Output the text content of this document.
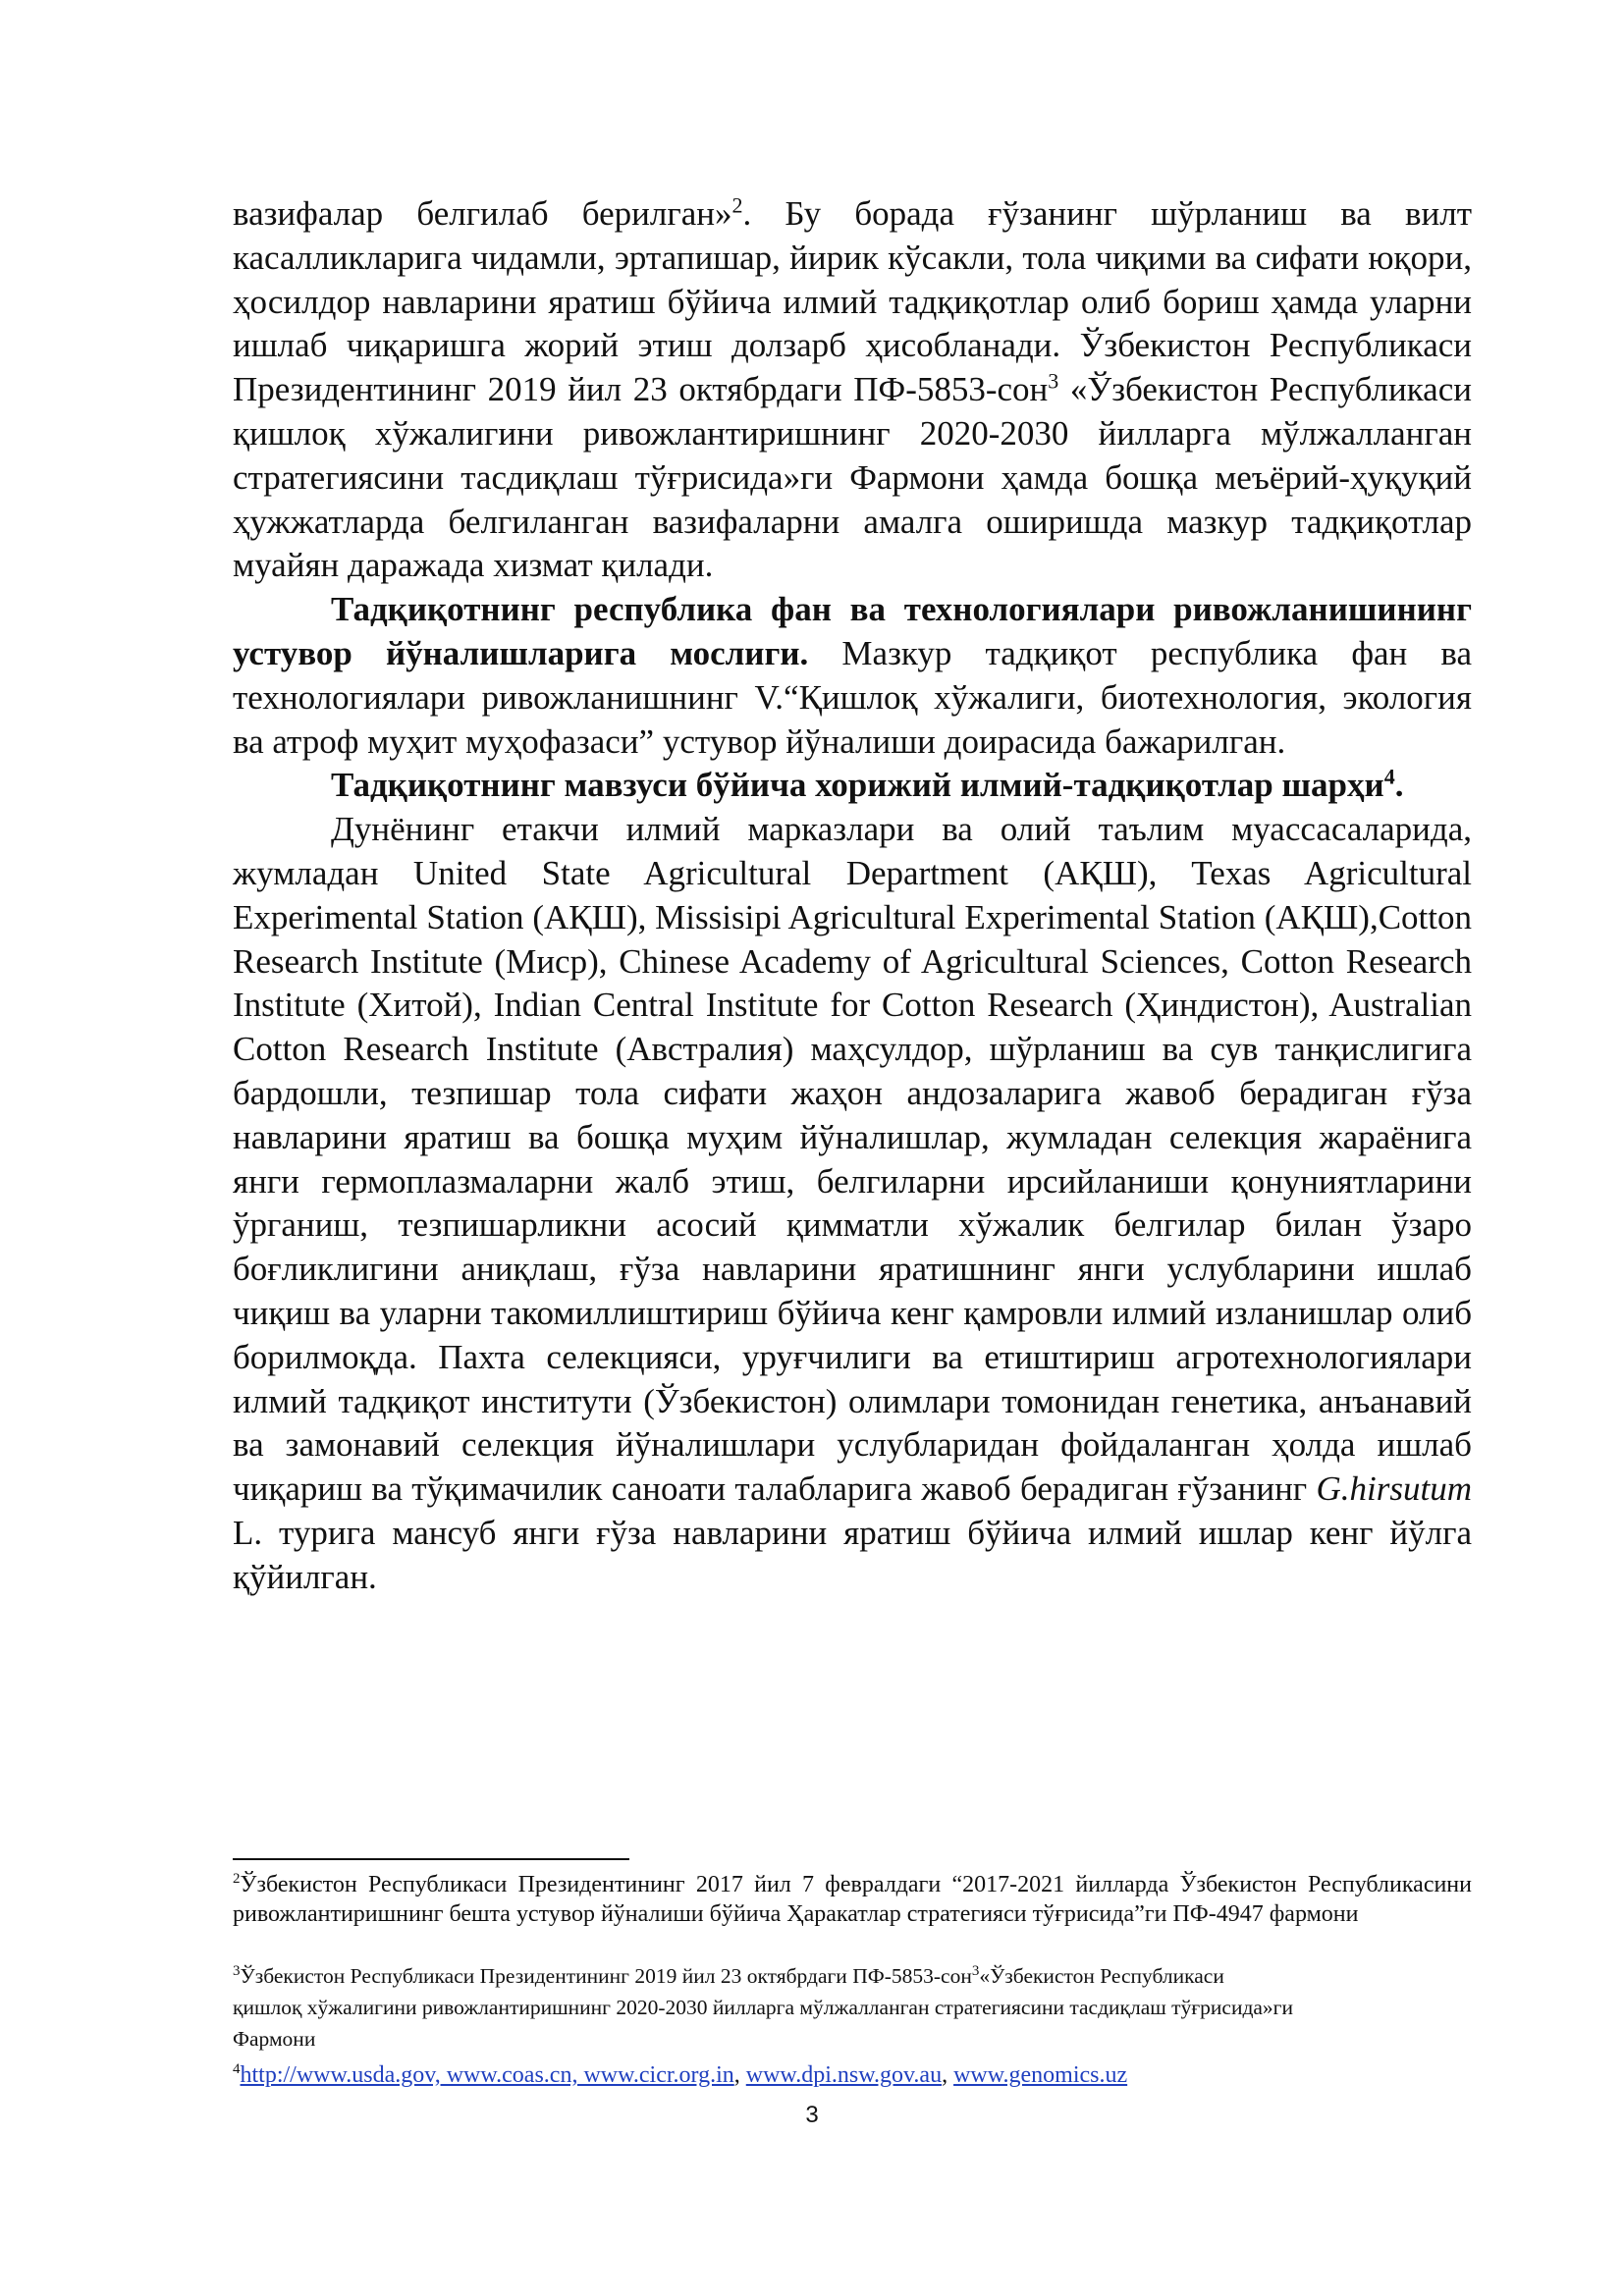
вазифалар белгилаб берилган»$^2$. Бу борада ғўзанинг шўрланиш ва вилт касалликларига чидамли, эртапишар, йирик кўсакли, тола чиқими ва сифати юқори, ҳосилдор навларини яратиш бўйича илмий тадқиқотлар олиб бориш ҳамда уларни ишлаб чиқаришга жорий этиш долзарб ҳисобланади. Ўзбекистон Республикаси Президентининг 2019 йил 23 октябрдаги ПФ-5853-сон$^3$ «Ўзбекистон Республикаси қишлоқ хўжалигини ривожлантиришнинг 2020-2030 йилларга мўлжалланган стратегиясини тасдиқлаш тўғрисида»ги Фармони ҳамда бошқа меъёрий-ҳуқуқий ҳужжатларда белгиланган вазифаларни амалга оширишда мазкур тадқиқотлар муайян даражада хизмат қилади.

Тадқиқотнинг республика фан ва технологиялари ривожланишининг устувор йўналишларига мослиги. Мазкур тадқиқот республика фан ва технологиялари ривожланишнинг V.“Қишлоқ хўжалиги, биотехнология, экология ва атроф муҳит муҳофазаси” устувор йўналиши доирасида бажарилган.

Тадқиқотнинг мавзуси бўйича хорижий илмий-тадқиқотлар шарҳи$^4$.

Дунёнинг етакчи илмий марказлари ва олий таълим муассасаларида, жумладан United State Agricultural Department (АҚШ), Texas Agricultural Experimental Station (АҚШ), Missisipi Agricultural Experimental Station (АҚШ),Cotton Research Institute (Миср), Chinese Academy of Agricultural Sciences, Cotton Research Institute (Хитой), Indian Central Institute for Cotton Research (Ҳиндистон), Australian Cotton Research Institute (Австралия) маҳсулдор, шўрланиш ва сув танқислигига бардошли, тезпишар тола сифати жаҳон андозаларига жавоб берадиган ғўза навларини яратиш ва бошқа муҳим йўналишлар, жумладан селекция жараёнига янги гермоплазмаларни жалб этиш, белгиларни ирсийланиши қонуниятларини ўрганиш, тезпишарликни асосий қимматли хўжалик белгилар билан ўзаро боғликлигини аниқлаш, ғўза навларини яратишнинг янги услубларини ишлаб чиқиш ва уларни такомиллиштириш бўйича кенг қамровли илмий изланишлар олиб борилмоқда. Пахта селекцияси, уруғчилиги ва етиштириш агротехнологиялари илмий тадқиқот институти (Ўзбекистон) олимлари томонидан генетика, анъанавий ва замонавий селекция йўналишлари услубларидан фойдаланган ҳолда ишлаб чиқариш ва тўқимачилик саноати талабларига жавоб берадиган ғўзанинг G.hirsutum L. турига мансуб янги ғўза навларини яратиш бўйича илмий ишлар кенг йўлга қўйилган.

$^2$Ўзбекистон Республикаси Президентининг 2017 йил 7 февралдаги “2017-2021 йилларда Ўзбекистон Республикасини ривожлантиришнинг бешта устувор йўналиши бўйича Ҳаракатлар стратегияси тўғрисида”ги ПФ-4947 фармони
$^3$Ўзбекистон Республикаси Президентининг 2019 йил 23 октябрдаги ПФ-5853-сон$^3$«Ўзбекистон Республикаси
қишлоқ хўжалигини ривожлантиришнинг 2020-2030 йилларга мўлжалланган стратегиясини тасдиқлаш тўғрисида»ги
Фармони
$^4$http://www.usda.gov, www.coas.cn, www.cicr.org.in, www.dpi.nsw.gov.au, www.genomics.uz
3
